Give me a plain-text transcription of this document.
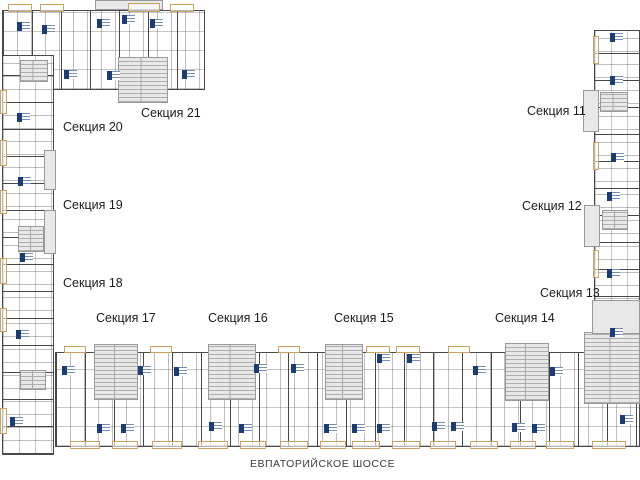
Секция 21
Секция 20
Секция 19
Секция 18
Секция 17	Секция 16	Секция 15	Секция 14
Секция 13
Секция 12
Секция 11
ЕВПАТОРИЙСКОЕ ШОССЕ
